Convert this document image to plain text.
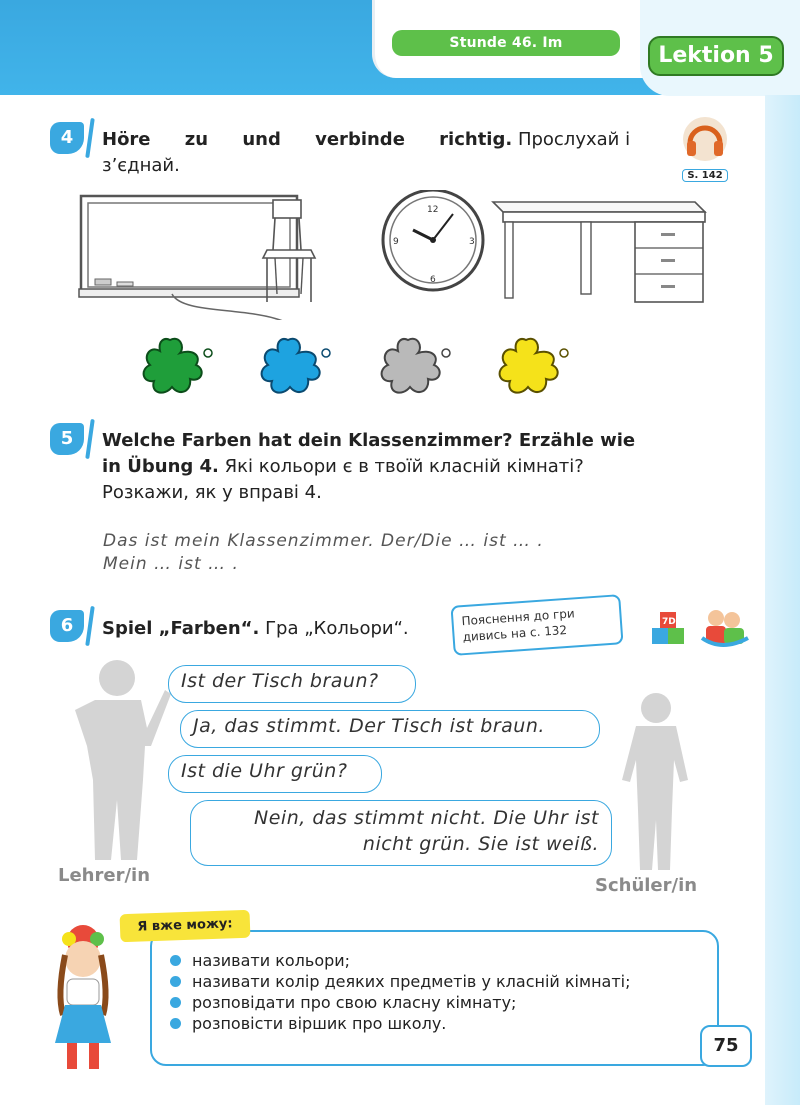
Stunde 46. Im Klassenzimmer
Lektion 5
4	Höre zu und verbinde richtig. Прослухай і з’єднай.	S. 142
12
3
6
9
5	Welche Farben hat dein Klassenzimmer? Erzähle wie in Übung 4. Які кольори є в твоїй класній кімнаті? Розкажи, як у вправі 4.
Das ist mein Klassenzimmer. Der/Die … ist … .
Mein … ist … .
6	Spiel „Farben“. Гра „Кольори“.
Пояснення до гри дивись на с. 132
7D
Lehrer/in	Schüler/in
Ist der Tisch braun?
Ja, das stimmt. Der Tisch ist braun.
Ist die Uhr grün?
Nein, das stimmt nicht. Die Uhr ist
nicht grün. Sie ist weiß.
Я вже можу:
називати кольори;
називати колір деяких предметів у класній кімнаті;
розповідати про свою класну кімнату;
розповісти віршик про школу.
75
